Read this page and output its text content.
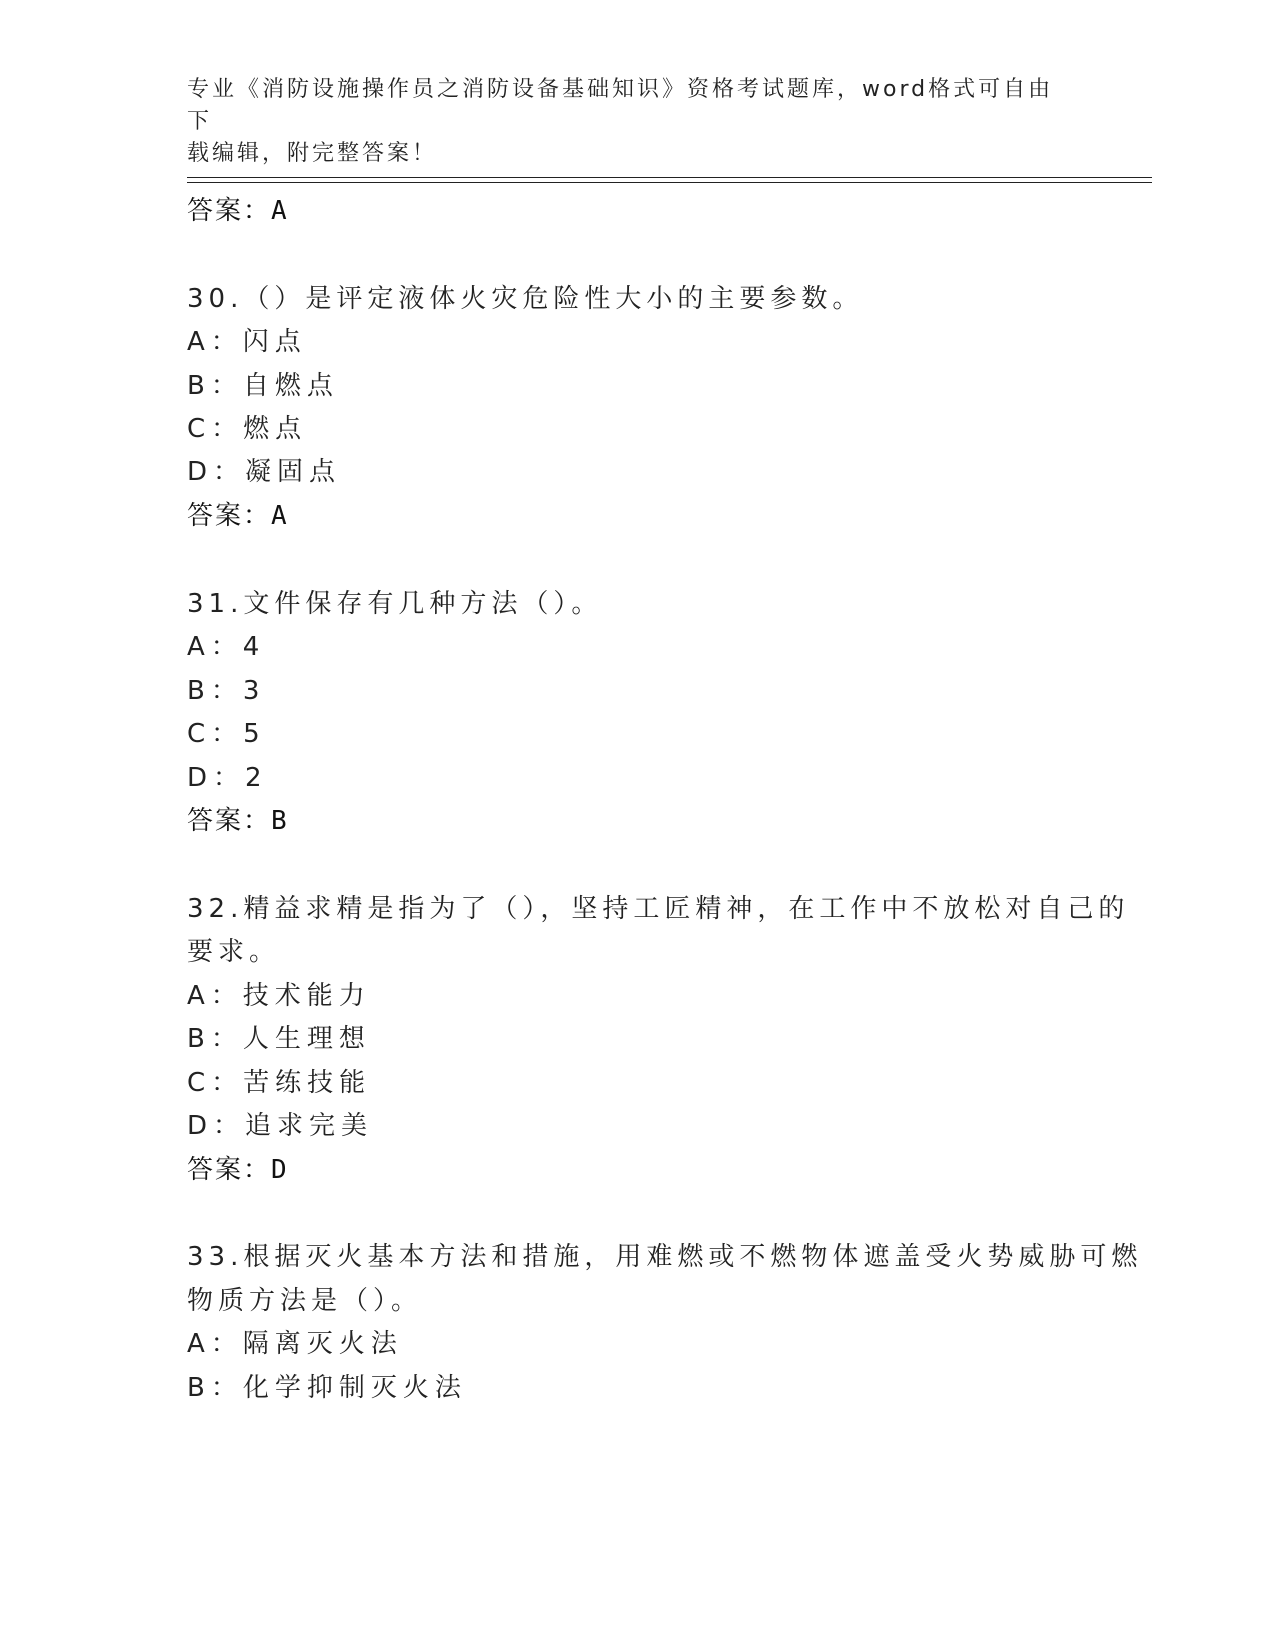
专业《消防设施操作员之消防设备基础知识》资格考试题库，word格式可自由下
载编辑，附完整答案！
答案：A
30.（）是评定液体火灾危险性大小的主要参数。
A：闪点
B：自燃点
C：燃点
D：凝固点
答案：A
31.文件保存有几种方法（）。
A：4
B：3
C：5
D：2
答案：B
32.精益求精是指为了（），坚持工匠精神，在工作中不放松对自己的
要求。
A：技术能力
B：人生理想
C：苦练技能
D：追求完美
答案：D
33.根据灭火基本方法和措施，用难燃或不燃物体遮盖受火势威胁可燃
物质方法是（）。
A：隔离灭火法
B：化学抑制灭火法
